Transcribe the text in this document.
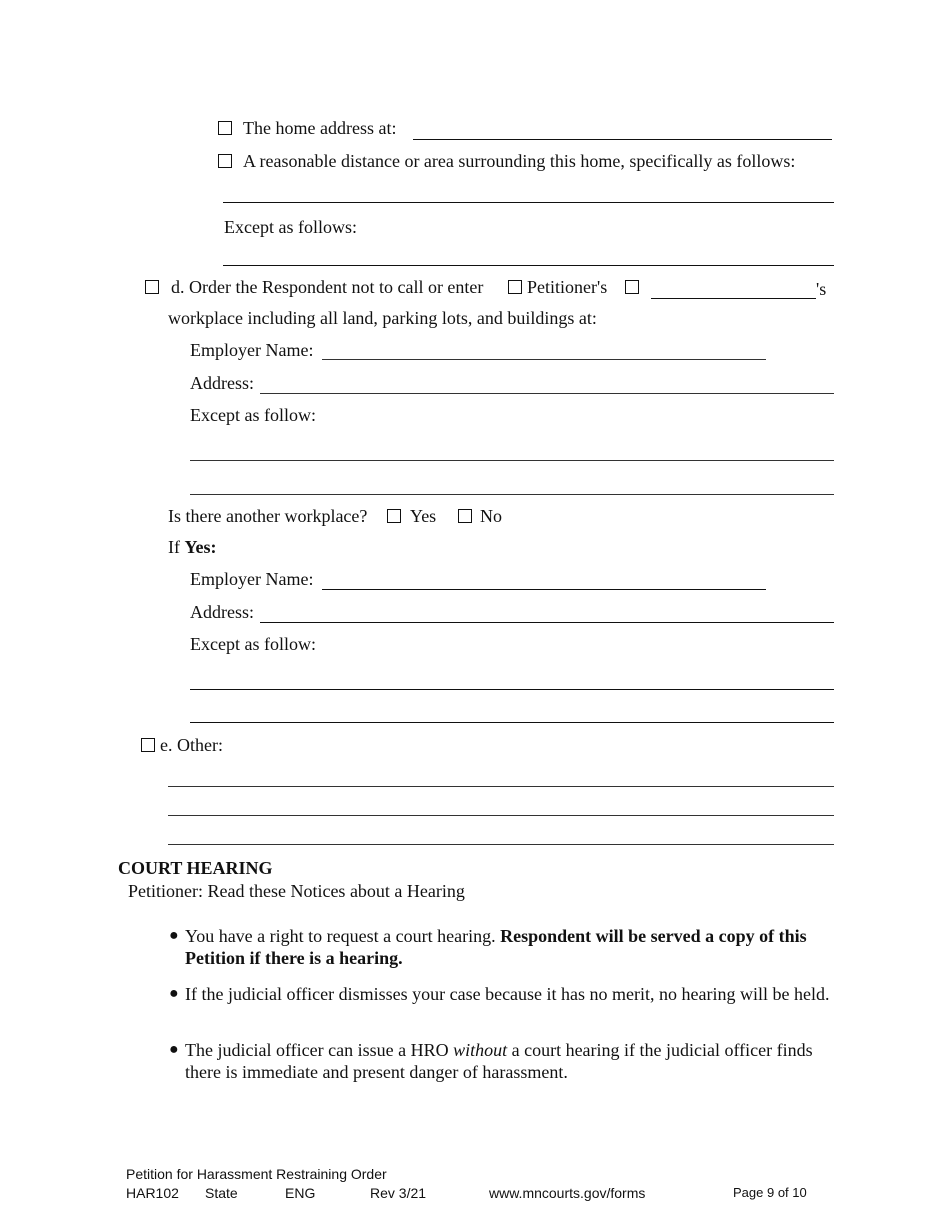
The home address at:
A reasonable distance or area surrounding this home, specifically as follows:
Except as follows:
d. Order the Respondent not to call or enter Petitioner's	's
workplace including all land, parking lots, and buildings at:
Employer Name:
Address:
Except as follow:
Is there another workplace? Yes No
If Yes:
Employer Name:
Address:
Except as follow:
e. Other:
COURT HEARING
Petitioner: Read these Notices about a Hearing
● You have a right to request a court hearing. Respondent will be served a copy of this Petition if there is a hearing.
● If the judicial officer dismisses your case because it has no merit, no hearing will be held.
● The judicial officer can issue a HRO without a court hearing if the judicial officer finds there is immediate and present danger of harassment.
Petition for Harassment Restraining Order
HAR102 State	ENG	Rev 3/21	www.mncourts.gov/forms	Page 9 of 10
